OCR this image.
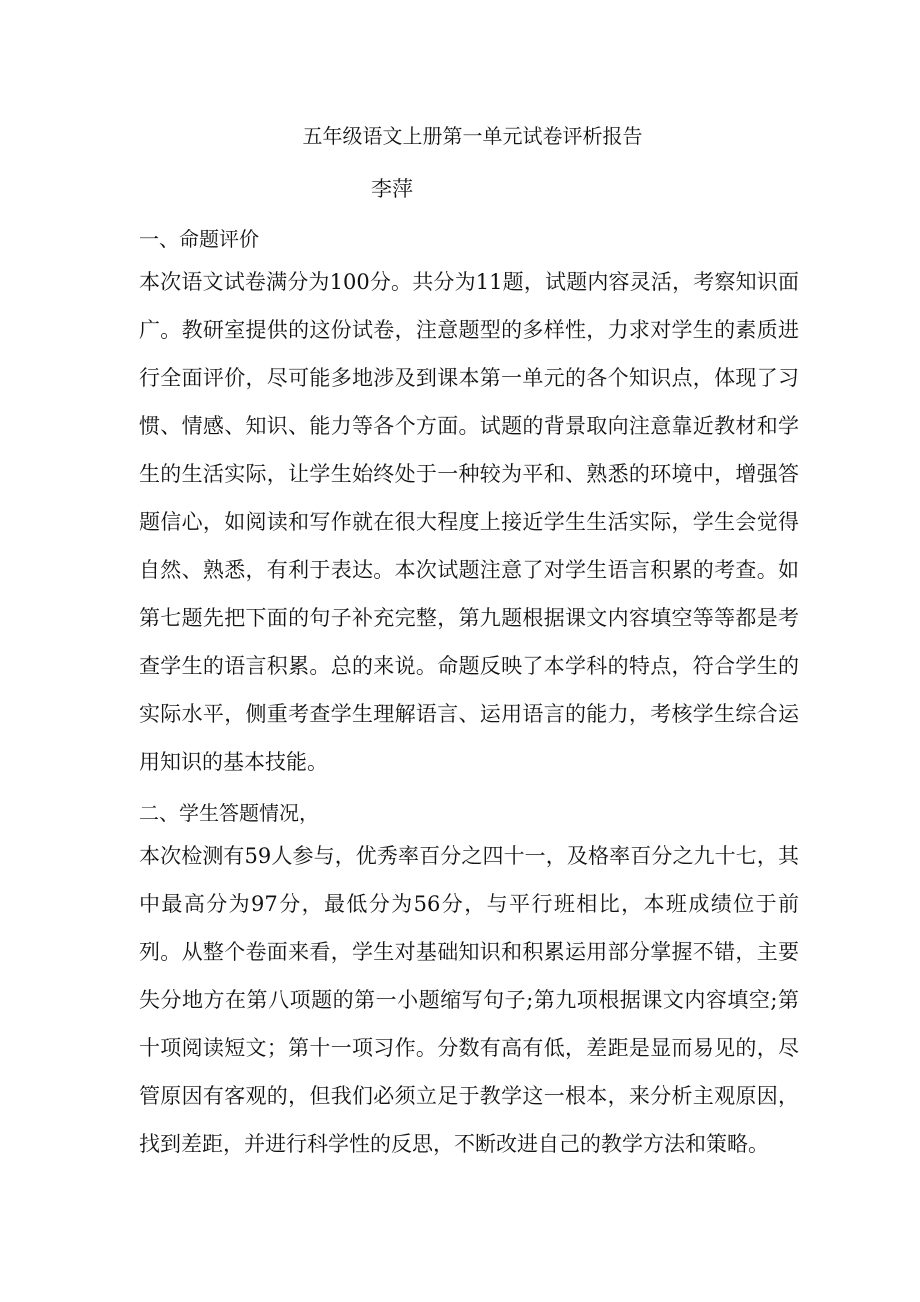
五年级语文上册第一单元试卷评析报告
李萍
一、命题评价

本次语文试卷满分为100分。共分为11题，试题内容灵活，考察知识面广。教研室提供的这份试卷，注意题型的多样性，力求对学生的素质进行全面评价，尽可能多地涉及到课本第一单元的各个知识点，体现了习惯、情感、知识、能力等各个方面。试题的背景取向注意靠近教材和学生的生活实际，让学生始终处于一种较为平和、熟悉的环境中，增强答题信心，如阅读和写作就在很大程度上接近学生生活实际，学生会觉得自然、熟悉，有利于表达。本次试题注意了对学生语言积累的考查。如第七题先把下面的句子补充完整，第九题根据课文内容填空等等都是考查学生的语言积累。总的来说。命题反映了本学科的特点，符合学生的实际水平，侧重考查学生理解语言、运用语言的能力，考核学生综合运用知识的基本技能。

二、学生答题情况，

本次检测有59人参与，优秀率百分之四十一，及格率百分之九十七，其中最高分为97分，最低分为56分，与平行班相比，本班成绩位于前列。从整个卷面来看，学生对基础知识和积累运用部分掌握不错，主要失分地方在第八项题的第一小题缩写句子;第九项根据课文内容填空;第十项阅读短文；第十一项习作。分数有高有低，差距是显而易见的，尽管原因有客观的，但我们必须立足于教学这一根本，来分析主观原因，找到差距，并进行科学性的反思，不断改进自己的教学方法和策略。
